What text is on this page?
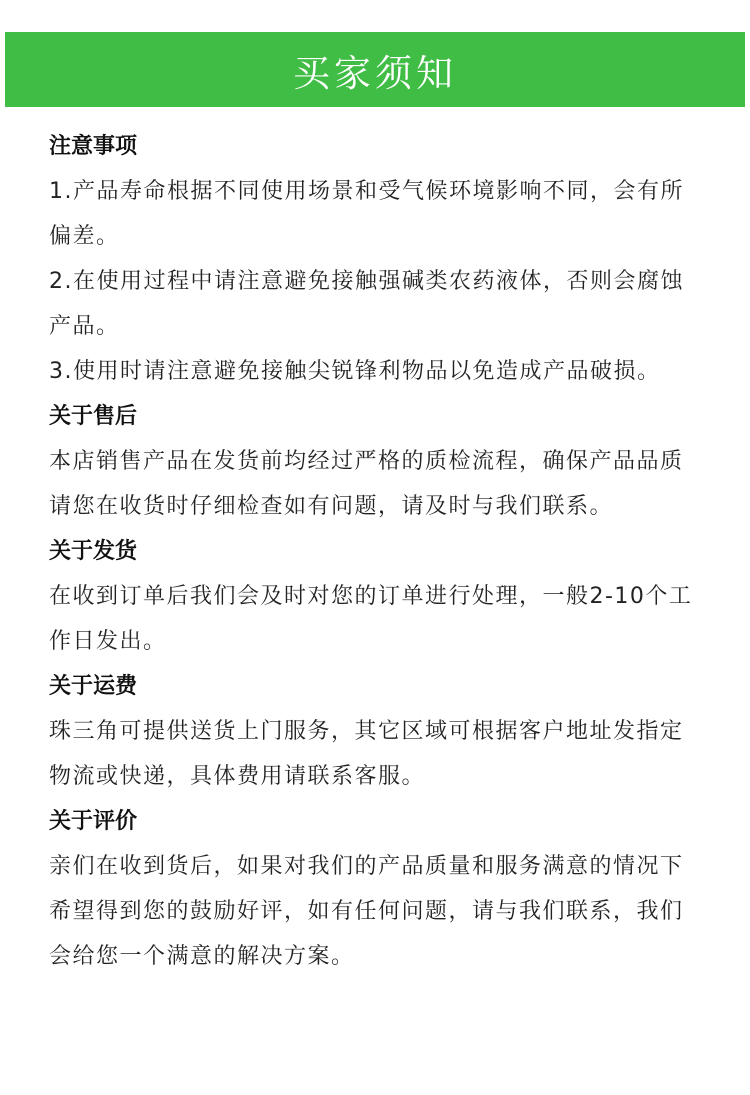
买家须知
注意事项
1.产品寿命根据不同使用场景和受气候环境影响不同，会有所
偏差。
2.在使用过程中请注意避免接触强碱类农药液体，否则会腐蚀
产品。
3.使用时请注意避免接触尖锐锋利物品以免造成产品破损。
关于售后
本店销售产品在发货前均经过严格的质检流程，确保产品品质
请您在收货时仔细检查如有问题，请及时与我们联系。
关于发货
在收到订单后我们会及时对您的订单进行处理，一般2-10个工
作日发出。
关于运费
珠三角可提供送货上门服务，其它区域可根据客户地址发指定
物流或快递，具体费用请联系客服。
关于评价
亲们在收到货后，如果对我们的产品质量和服务满意的情况下
希望得到您的鼓励好评，如有任何问题，请与我们联系，我们
会给您一个满意的解决方案。
